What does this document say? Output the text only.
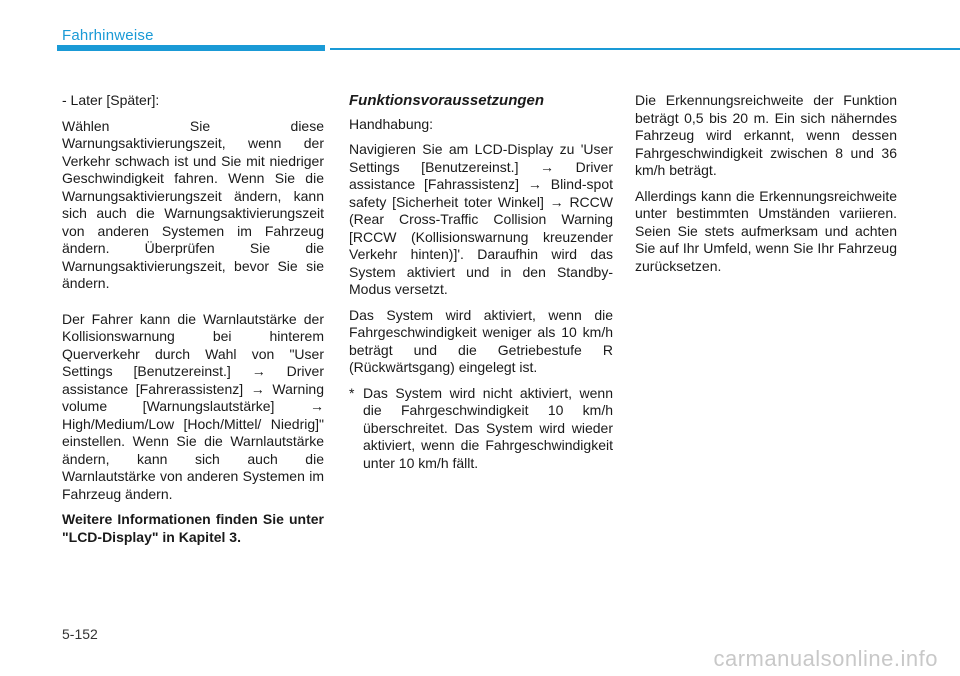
Fahrhinweise

- Later [Später]:

Wählen Sie diese Warnungsaktivierungszeit, wenn der Verkehr schwach ist und Sie mit niedriger Geschwindigkeit fahren. Wenn Sie die Warnungsaktivierungszeit ändern, kann sich auch die Warnungsaktivierungszeit von anderen Systemen im Fahrzeug ändern. Überprüfen Sie die Warnungsaktivierungszeit, bevor Sie sie ändern.

Der Fahrer kann die Warnlautstärke der Kollisionswarnung bei hinterem Querverkehr durch Wahl von "User Settings [Benutzereinst.] → Driver assistance [Fahrerassistenz] → Warning volume [Warnungslautstärke] → High/Medium/Low [Hoch/Mittel/ Niedrig]" einstellen. Wenn Sie die Warnlautstärke ändern, kann sich auch die Warnlautstärke von anderen Systemen im Fahrzeug ändern.

Weitere Informationen finden Sie unter "LCD-Display" in Kapitel 3.

Funktionsvoraussetzungen

Handhabung:

Navigieren Sie am LCD-Display zu 'User Settings [Benutzereinst.] → Driver assistance [Fahrassistenz] → Blind-spot safety [Sicherheit toter Winkel] → RCCW (Rear Cross-Traffic Collision Warning [RCCW (Kollisionswarnung kreuzender Verkehr hinten)]'. Daraufhin wird das System aktiviert und in den Standby-Modus versetzt.

Das System wird aktiviert, wenn die Fahrgeschwindigkeit weniger als 10 km/h beträgt und die Getriebestufe R (Rückwärtsgang) eingelegt ist.

* Das System wird nicht aktiviert, wenn die Fahrgeschwindigkeit 10 km/h überschreitet. Das System wird wieder aktiviert, wenn die Fahrgeschwindigkeit unter 10 km/h fällt.

Die Erkennungsreichweite der Funktion beträgt 0,5 bis 20 m. Ein sich näherndes Fahrzeug wird erkannt, wenn dessen Fahrgeschwindigkeit zwischen 8 und 36 km/h beträgt.

Allerdings kann die Erkennungsreichweite unter bestimmten Umständen variieren. Seien Sie stets aufmerksam und achten Sie auf Ihr Umfeld, wenn Sie Ihr Fahrzeug zurücksetzen.

5-152
carmanualsonline.info
